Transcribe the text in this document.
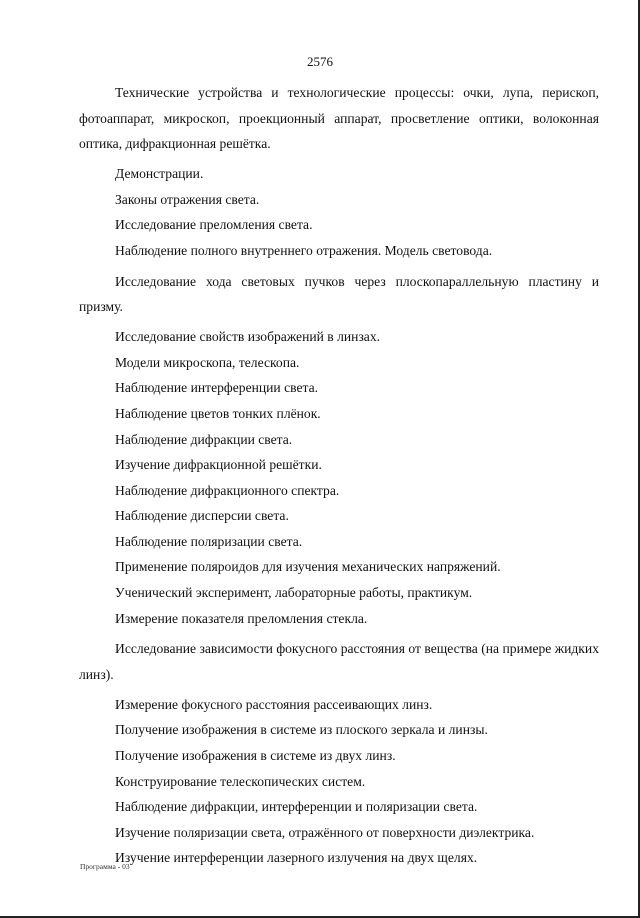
2576

Технические устройства и технологические процессы: очки, лупа, перископ, фотоаппарат, микроскоп, проекционный аппарат, просветление оптики, волоконная оптика, дифракционная решётка.

Демонстрации.

Законы отражения света.

Исследование преломления света.

Наблюдение полного внутреннего отражения. Модель световода.

Исследование хода световых пучков через плоскопараллельную пластину и призму.

Исследование свойств изображений в линзах.

Модели микроскопа, телескопа.

Наблюдение интерференции света.

Наблюдение цветов тонких плёнок.

Наблюдение дифракции света.

Изучение дифракционной решётки.

Наблюдение дифракционного спектра.

Наблюдение дисперсии света.

Наблюдение поляризации света.

Применение поляроидов для изучения механических напряжений.

Ученический эксперимент, лабораторные работы, практикум.

Измерение показателя преломления стекла.

Исследование зависимости фокусного расстояния от вещества (на примере жидких линз).

Измерение фокусного расстояния рассеивающих линз.

Получение изображения в системе из плоского зеркала и линзы.

Получение изображения в системе из двух линз.

Конструирование телескопических систем.

Наблюдение дифракции, интерференции и поляризации света.

Изучение поляризации света, отражённого от поверхности диэлектрика.

Изучение интерференции лазерного излучения на двух щелях.

Программа - 03
